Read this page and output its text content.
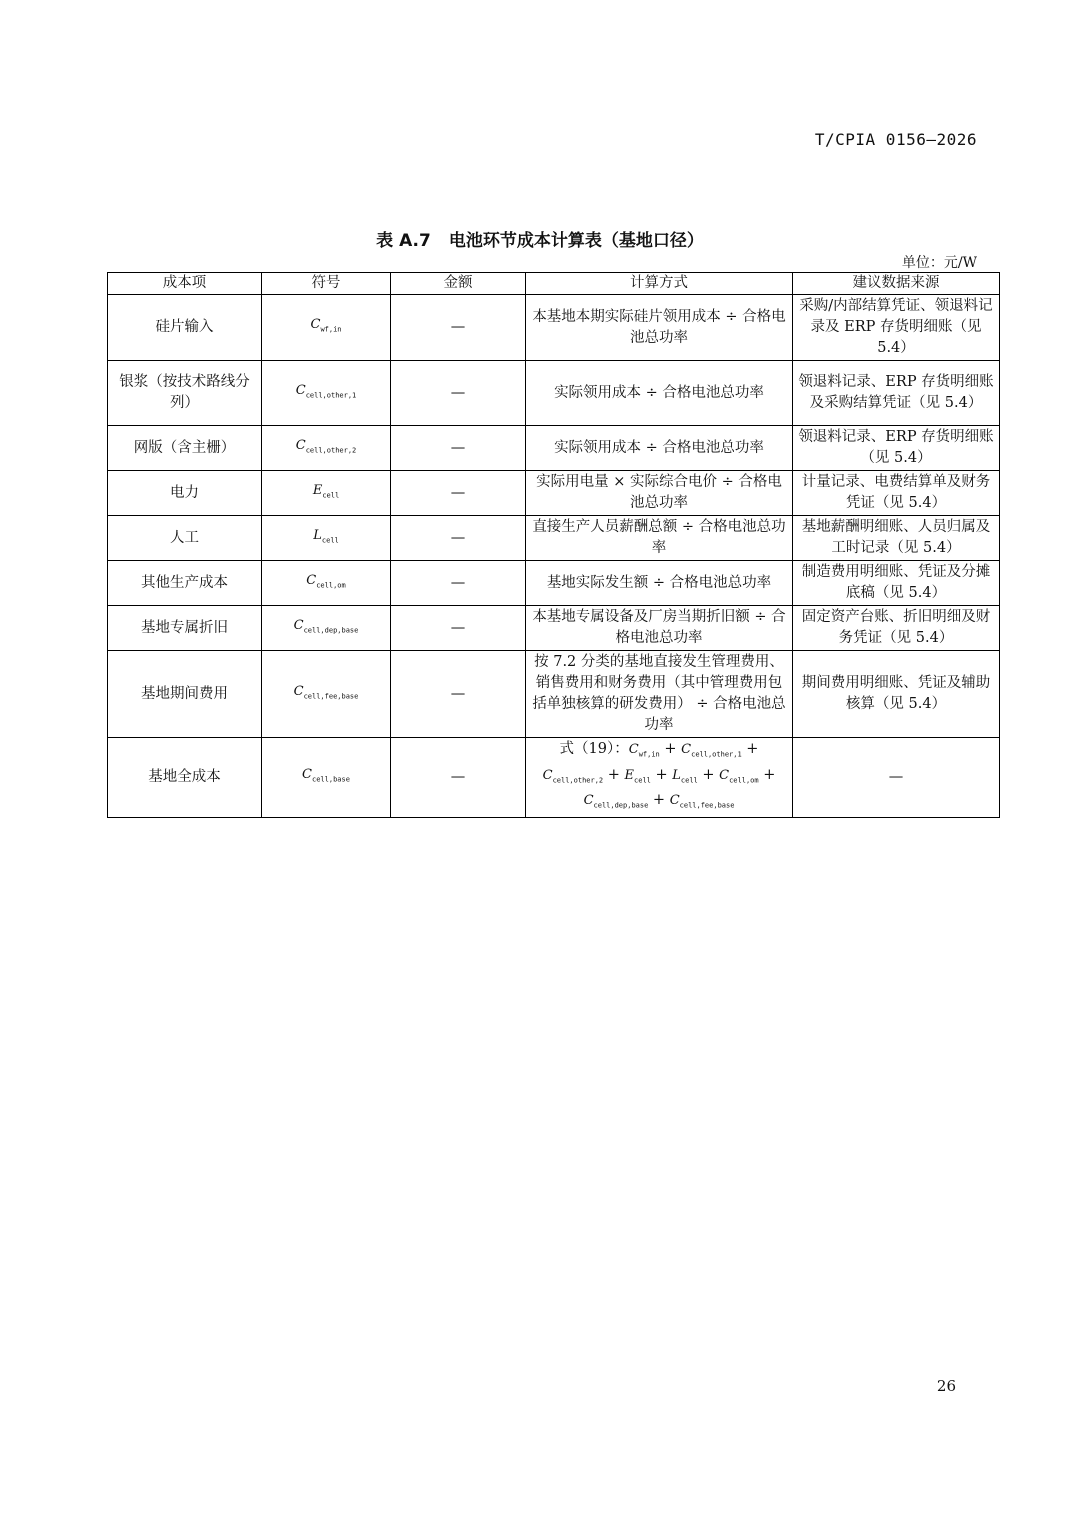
T/CPIA 0156—2026
表 A.7 电池环节成本计算表（基地口径）
单位：元/W
成本项	符号	金额	计算方式	建议数据来源
硅片输入	$C_{wf,in}$	—	本基地本期实际硅片领用成本 ÷ 合格电池总功率	采购/内部结算凭证、领退料记录及 ERP 存货明细账（见 5.4）
银浆（按技术路线分列）	$C_{cell,other,1}$	—	实际领用成本 ÷ 合格电池总功率	领退料记录、ERP 存货明细账及采购结算凭证（见 5.4）
网版（含主栅）	$C_{cell,other,2}$	—	实际领用成本 ÷ 合格电池总功率	领退料记录、ERP 存货明细账（见 5.4）
电力	$E_{cell}$	—	实际用电量 × 实际综合电价 ÷ 合格电池总功率	计量记录、电费结算单及财务凭证（见 5.4）
人工	$L_{cell}$	—	直接生产人员薪酬总额 ÷ 合格电池总功率	基地薪酬明细账、人员归属及工时记录（见 5.4）
其他生产成本	$C_{cell,om}$	—	基地实际发生额 ÷ 合格电池总功率	制造费用明细账、凭证及分摊底稿（见 5.4）
基地专属折旧	$C_{cell,dep,base}$	—	本基地专属设备及厂房当期折旧额 ÷ 合格电池总功率	固定资产台账、折旧明细及财务凭证（见 5.4）
基地期间费用	$C_{cell,fee,base}$	—	按 7.2 分类的基地直接发生管理费用、销售费用和财务费用（其中管理费用包括单独核算的研发费用） ÷ 合格电池总功率	期间费用明细账、凭证及辅助核算（见 5.4）
基地全成本	$C_{cell,base}$	—	式（19）：$C_{wf,in} + C_{cell,other,1} + C_{cell,other,2} + E_{cell} + L_{cell} + C_{cell,om} + C_{cell,dep,base} + C_{cell,fee,base}$	—
26
